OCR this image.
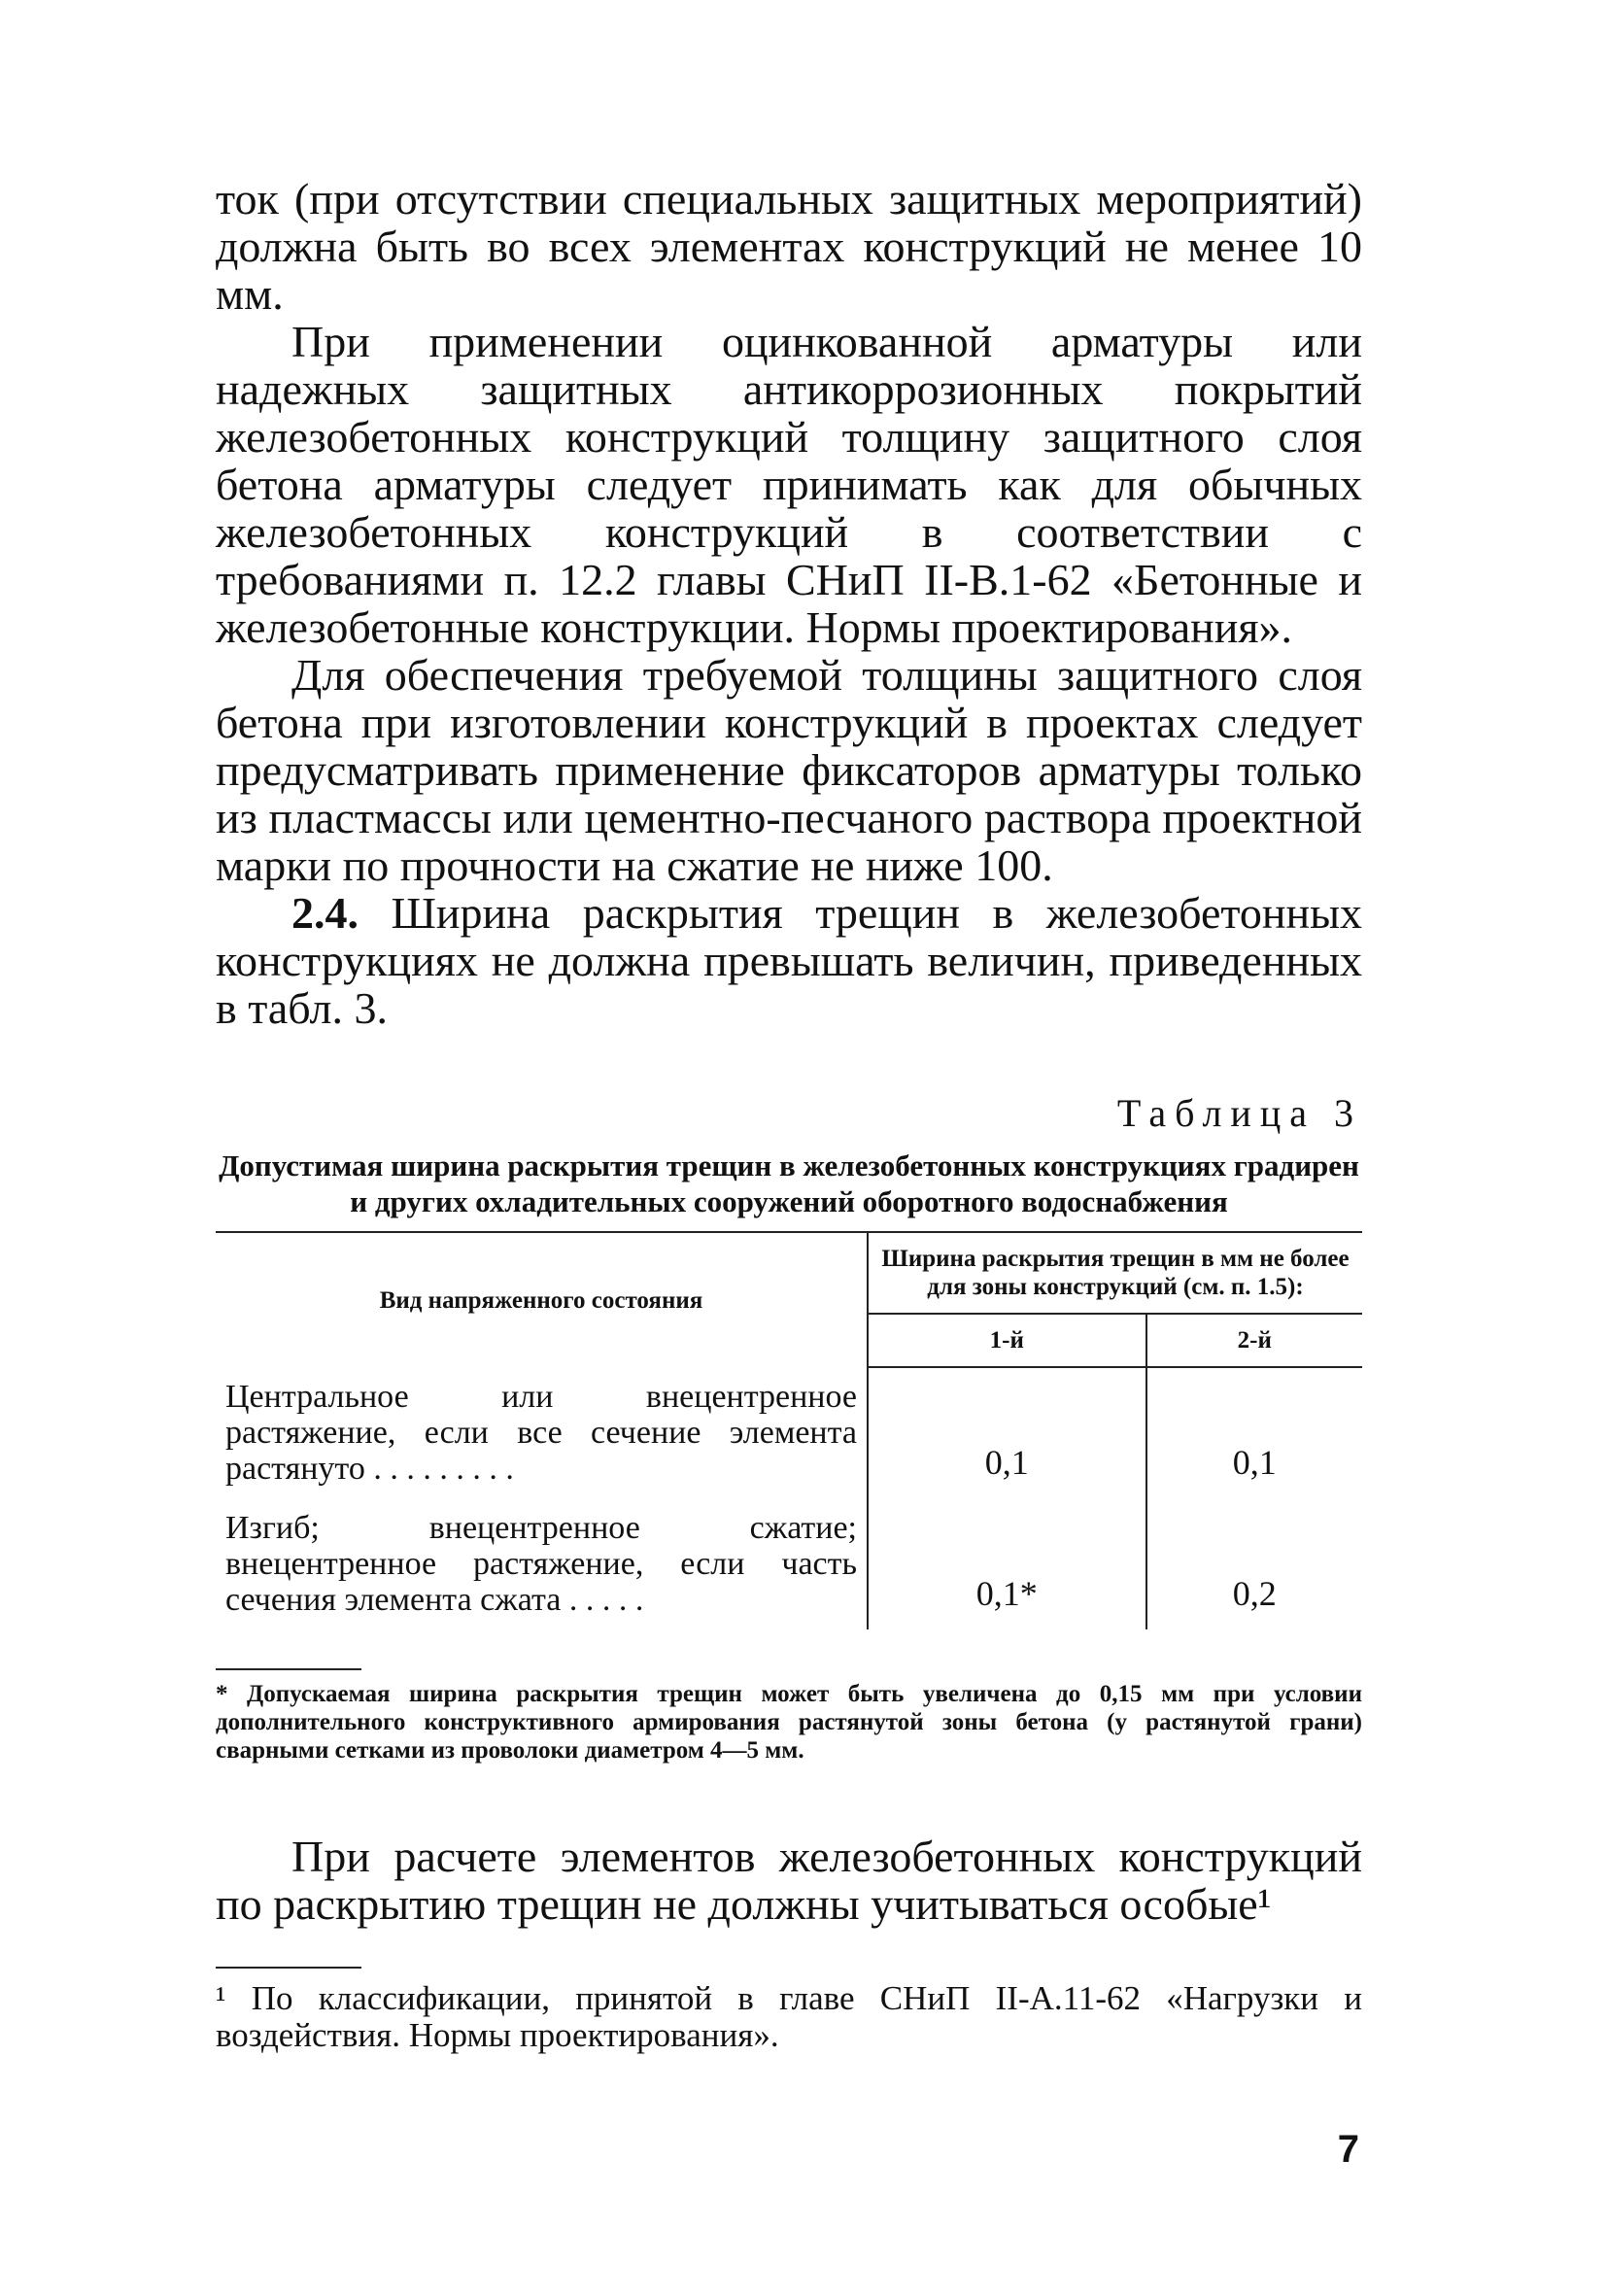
ток (при отсутствии специальных защитных мероприятий) должна быть во всех элементах конструкций не менее 10 мм.

При применении оцинкованной арматуры или надежных защитных антикоррозионных покрытий железобетонных конструкций толщину защитного слоя бетона арматуры следует принимать как для обычных железобетонных конструкций в соответствии с требованиями п. 12.2 главы СНиП II-В.1-62 «Бетонные и железобетонные конструкции. Нормы проектирования».

Для обеспечения требуемой толщины защитного слоя бетона при изготовлении конструкций в проектах следует предусматривать применение фиксаторов арматуры только из пластмассы или цементно-песчаного раствора проектной марки по прочности на сжатие не ниже 100.

2.4. Ширина раскрытия трещин в железобетонных конструкциях не должна превышать величин, приведенных в табл. 3.

Таблица 3
Допустимая ширина раскрытия трещин в железобетонных конструкциях градирен и других охладительных сооружений оборотного водоснабжения
Вид напряженного состояния	Ширина раскрытия трещин в мм не более для зоны конструкций (см. п. 1.5):	
	1-й	2-й
Центральное или внецентренное растяжение, если все сечение элемента растянуто . . .	0,1	0,1
Изгиб; внецентренное сжатие; внецентренное растяжение, если часть сечения элемента сжата . . .	0,1*	0,2

* Допускаемая ширина раскрытия трещин может быть увеличена до 0,15 мм при условии дополнительного конструктивного армирования растянутой зоны бетона (у растянутой грани) сварными сетками из проволоки диаметром 4—5 мм.

При расчете элементов железобетонных конструкций по раскрытию трещин не должны учитываться особые¹

¹ По классификации, принятой в главе СНиП II-А.11-62 «Нагрузки и воздействия. Нормы проектирования».

7
